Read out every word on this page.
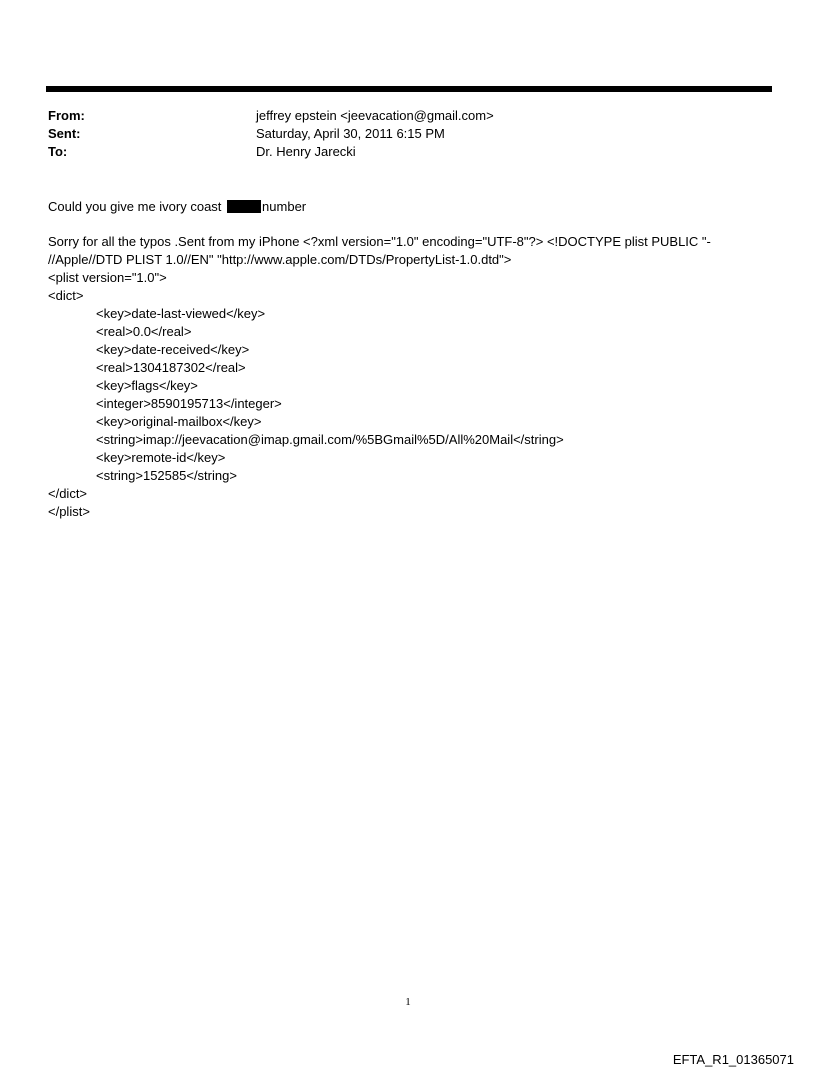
From:	jeffrey epstein <jeevacation@gmail.com>
Sent:	Saturday, April 30, 2011 6:15 PM
To:	Dr. Henry Jarecki
Could you give me ivory coast	number
Sorry for all the typos .Sent from my iPhone <?xml version="1.0" encoding="UTF-8"?> <!DOCTYPE plist PUBLIC "-
//Apple//DTD PLIST 1.0//EN" "http://www.apple.com/DTDs/PropertyList-1.0.dtd">
<plist version="1.0">
<dict>
<key>date-last-viewed</key>
<real>0.0</real>
<key>date-received</key>
<real>1304187302</real>
<key>flags</key>
<integer>8590195713</integer>
<key>original-mailbox</key>
<string>imap://jeevacation@imap.gmail.com/%5BGmail%5D/All%20Mail</string>
<key>remote-id</key>
<string>152585</string>
</dict>
</plist>
1
EFTA_R1_01365071
